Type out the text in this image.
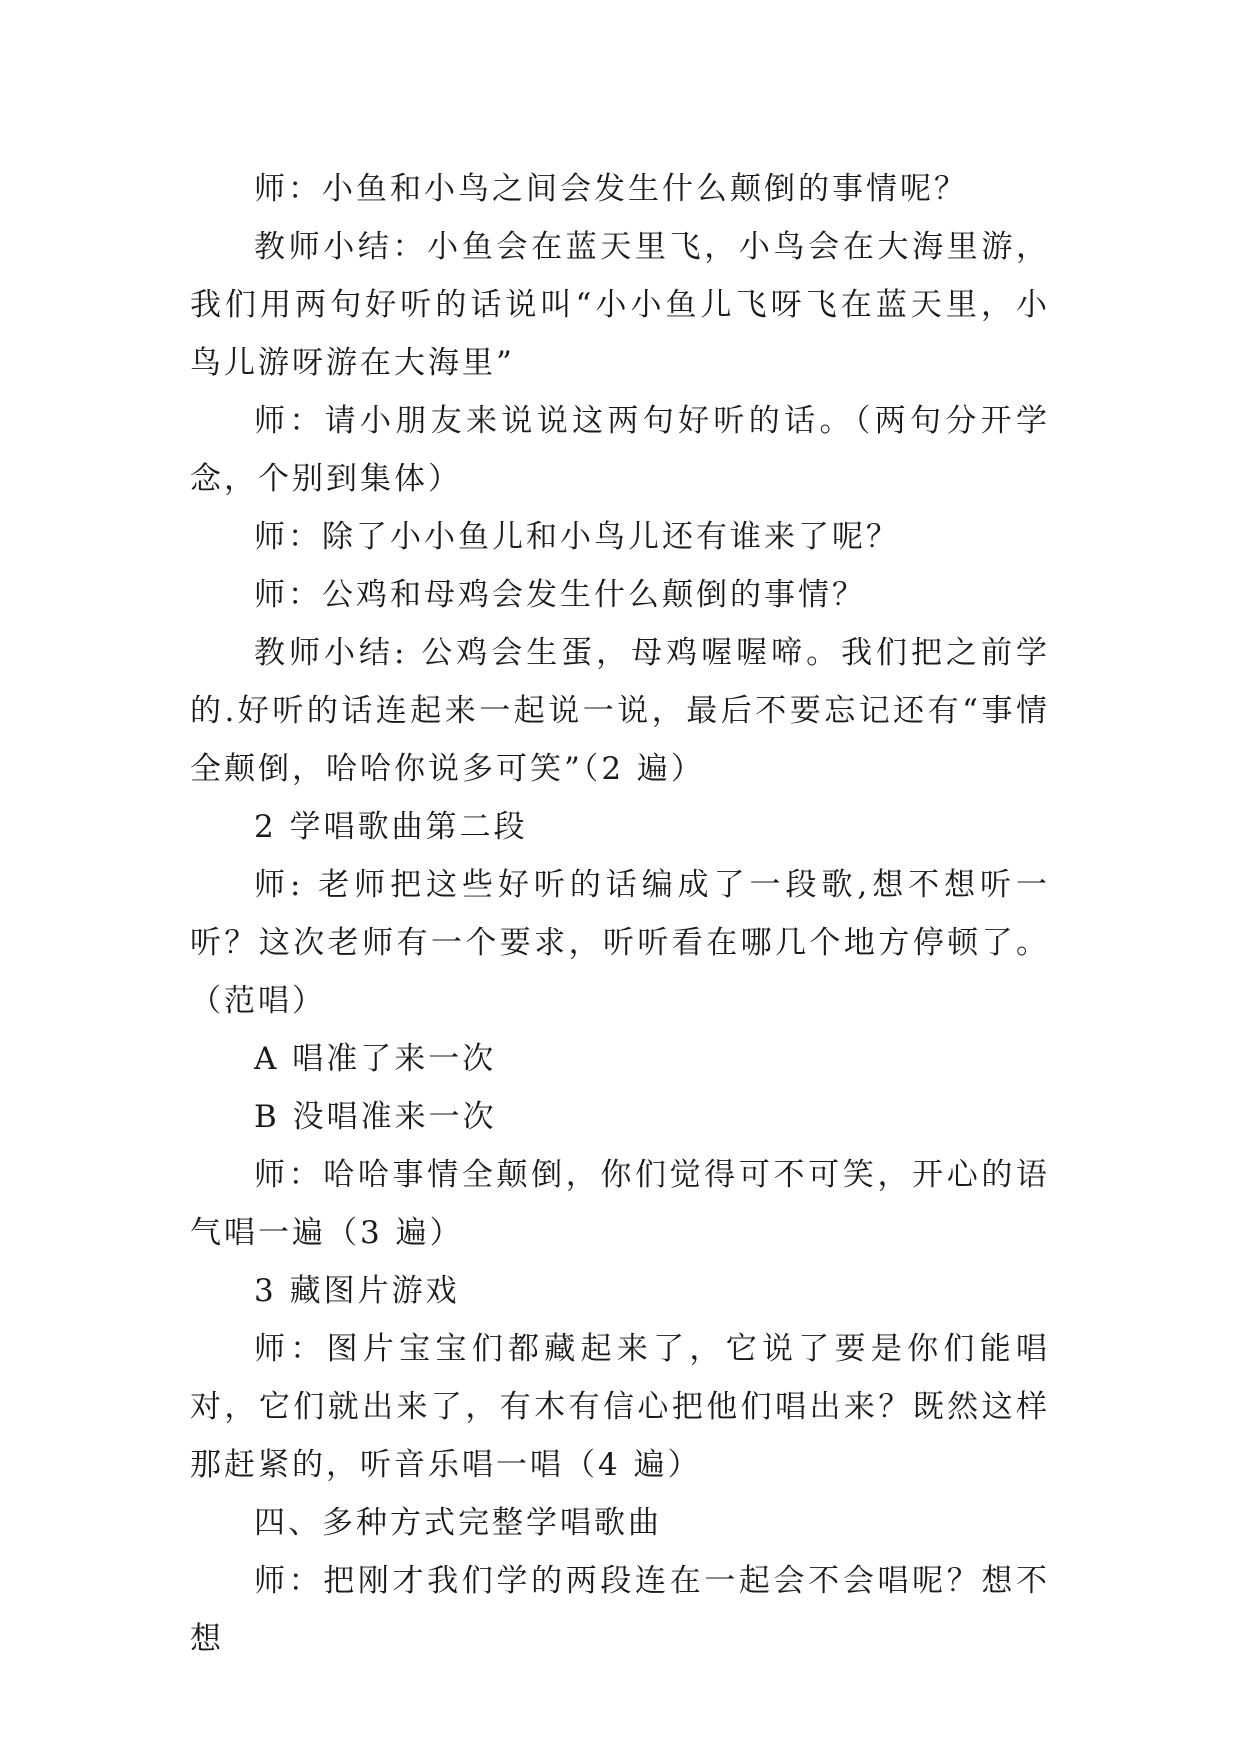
师：小鱼和小鸟之间会发生什么颠倒的事情呢？

教师小结：小鱼会在蓝天里飞，小鸟会在大海里游，我们用两句好听的话说叫“小小鱼儿飞呀飞在蓝天里，小鸟儿游呀游在大海里”

师：请小朋友来说说这两句好听的话。（两句分开学念，个别到集体）

师：除了小小鱼儿和小鸟儿还有谁来了呢？

师：公鸡和母鸡会发生什么颠倒的事情？

教师小结: 公鸡会生蛋，母鸡喔喔啼。我们把之前学的.好听的话连起来一起说一说，最后不要忘记还有“事情全颠倒，哈哈你说多可笑”（2 遍）

2 学唱歌曲第二段

师: 老师把这些好听的话编成了一段歌,想不想听一听？这次老师有一个要求，听听看在哪几个地方停顿了。（范唱）

A 唱准了来一次

B 没唱准来一次

师：哈哈事情全颠倒，你们觉得可不可笑，开心的语气唱一遍（3 遍）

3 藏图片游戏

师：图片宝宝们都藏起来了，它说了要是你们能唱对，它们就出来了，有木有信心把他们唱出来？既然这样那赶紧的，听音乐唱一唱（4 遍）

四、多种方式完整学唱歌曲

师：把刚才我们学的两段连在一起会不会唱呢？想不想
